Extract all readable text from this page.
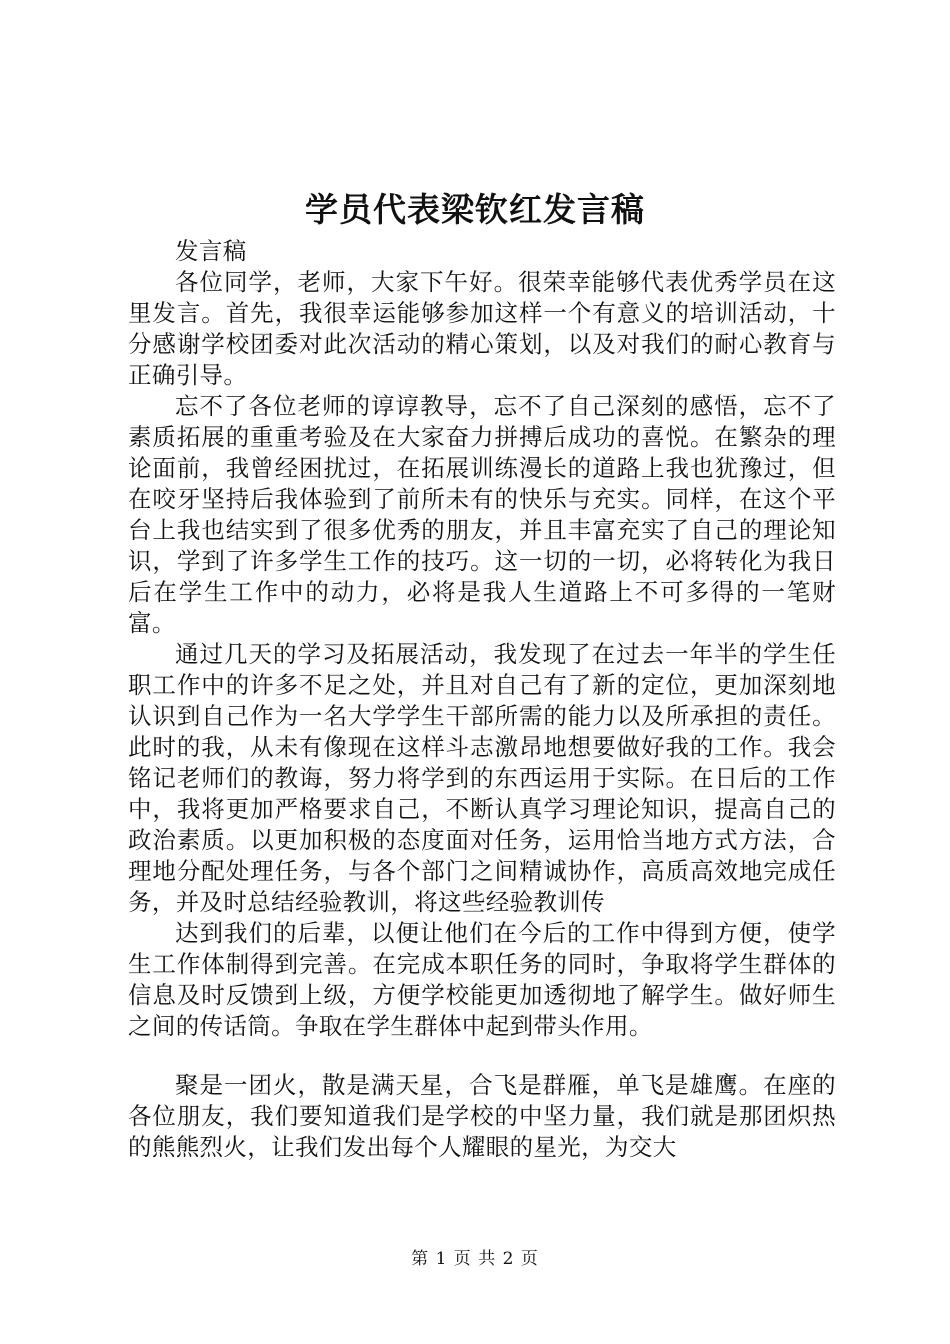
学员代表梁钦红发言稿

发言稿

各位同学，老师，大家下午好。很荣幸能够代表优秀学员在这里发言。首先，我很幸运能够参加这样一个有意义的培训活动，十分感谢学校团委对此次活动的精心策划，以及对我们的耐心教育与正确引导。

忘不了各位老师的谆谆教导，忘不了自己深刻的感悟，忘不了素质拓展的重重考验及在大家奋力拼搏后成功的喜悦。在繁杂的理论面前，我曾经困扰过，在拓展训练漫长的道路上我也犹豫过，但在咬牙坚持后我体验到了前所未有的快乐与充实。同样，在这个平台上我也结实到了很多优秀的朋友，并且丰富充实了自己的理论知识，学到了许多学生工作的技巧。这一切的一切，必将转化为我日后在学生工作中的动力，必将是我人生道路上不可多得的一笔财富。

通过几天的学习及拓展活动，我发现了在过去一年半的学生任职工作中的许多不足之处，并且对自己有了新的定位，更加深刻地认识到自己作为一名大学学生干部所需的能力以及所承担的责任。此时的我，从未有像现在这样斗志激昂地想要做好我的工作。我会铭记老师们的教诲，努力将学到的东西运用于实际。在日后的工作中，我将更加严格要求自己，不断认真学习理论知识，提高自己的政治素质。以更加积极的态度面对任务，运用恰当地方式方法，合理地分配处理任务，与各个部门之间精诚协作，高质高效地完成任务，并及时总结经验教训，将这些经验教训传

达到我们的后辈，以便让他们在今后的工作中得到方便，使学生工作体制得到完善。在完成本职任务的同时，争取将学生群体的信息及时反馈到上级，方便学校能更加透彻地了解学生。做好师生之间的传话筒。争取在学生群体中起到带头作用。

聚是一团火，散是满天星，合飞是群雁，单飞是雄鹰。在座的各位朋友，我们要知道我们是学校的中坚力量，我们就是那团炽热的熊熊烈火，让我们发出每个人耀眼的星光，为交大

第 1 页 共 2 页
